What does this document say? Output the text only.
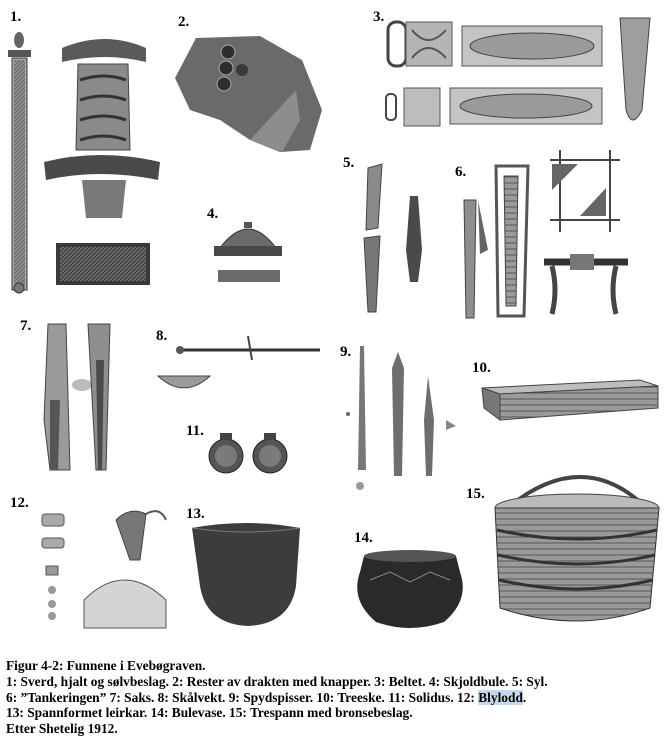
1.	2.	3.
4.
5.
6.
7.
8.
9.
10.
11.
12.
13.
14.
15.
Figur 4-2: Funnene i Evebøgraven.
1: Sverd, hjalt og sølvbeslag. 2: Rester av drakten med knapper. 3: Beltet. 4: Skjoldbule. 5: Syl.
6: ”Tankeringen” 7: Saks. 8: Skålvekt. 9: Spydspisser. 10: Treeske. 11: Solidus. 12: Blylodd.
13: Spannformet leirkar. 14: Bulevase. 15: Trespann med bronsebeslag.
Etter Shetelig 1912.
